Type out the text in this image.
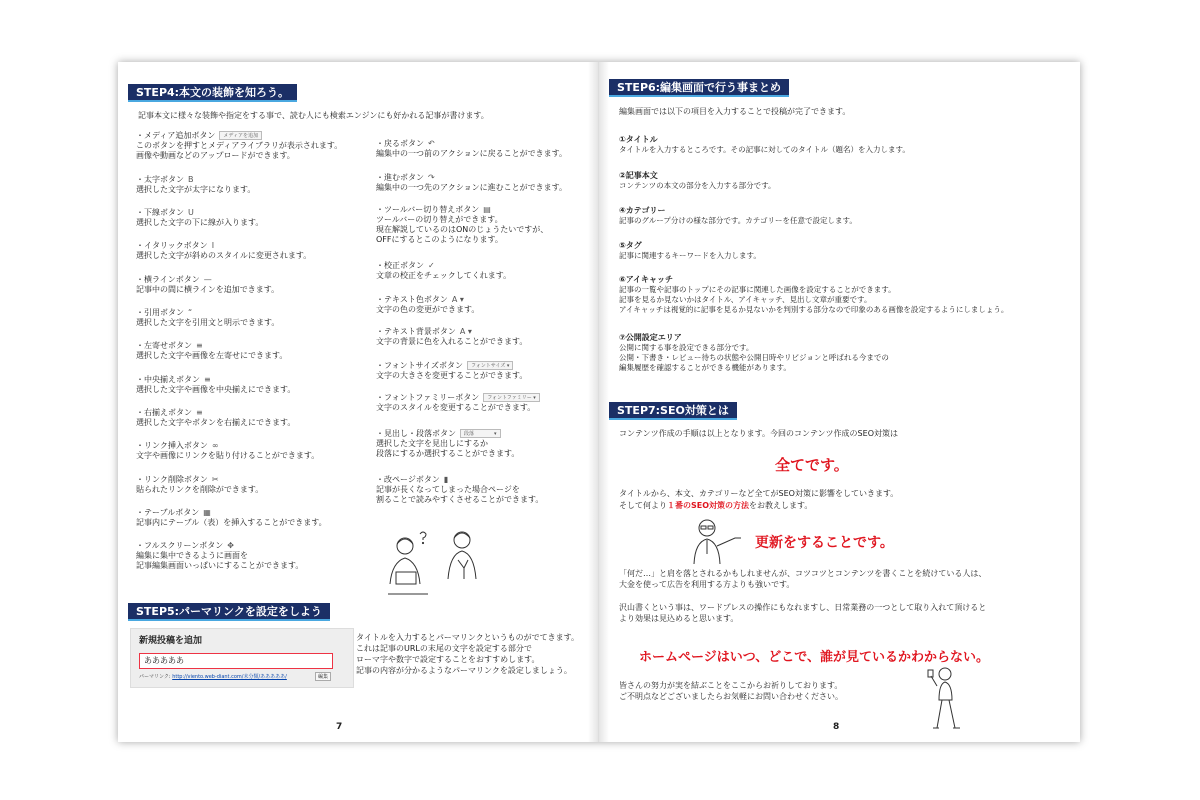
STEP4:本文の装飾を知ろう。
記事本文に様々な装飾や指定をする事で、読む人にも検索エンジンにも好かれる記事が書けます。
・メディア追加ボタン	メディアを追加
このボタンを押すとメディアライブラリが表示されます。
画像や動画などのアップロードができます。
・太字ボタン B
選択した文字が太字になります。
・下線ボタン U
選択した文字の下に線が入ります。
・イタリックボタン I
選択した文字が斜めのスタイルに変更されます。
・横ラインボタン —
記事中の間に横ラインを追加できます。
・引用ボタン “
選択した文字を引用文と明示できます。
・左寄せボタン ≡
選択した文字や画像を左寄せにできます。
・中央揃えボタン ≡
選択した文字や画像を中央揃えにできます。
・右揃えボタン ≡
選択した文字やボタンを右揃えにできます。
・リンク挿入ボタン ∞
文字や画像にリンクを貼り付けることができます。
・リンク削除ボタン ✂
貼られたリンクを削除ができます。
・テーブルボタン ▦
記事内にテーブル（表）を挿入することができます。
・フルスクリーンボタン ✥
編集に集中できるように画面を
記事編集画面いっぱいにすることができます。
・戻るボタン ↶
編集中の一つ前のアクションに戻ることができます。
・進むボタン ↷
編集中の一つ先のアクションに進むことができます。
・ツールバー切り替えボタン ▤
ツールバーの切り替えができます。
現在解説しているのはONのじょうたいですが、
OFFにするとこのようになります。
・校正ボタン ✓
文章の校正をチェックしてくれます。
・テキスト色ボタン A ▾
文字の色の変更ができます。
・テキスト背景ボタン A ▾
文字の背景に色を入れることができます。
・フォントサイズボタン	フォントサイズ ▾
文字の大きさを変更することができます。
・フォントファミリーボタン	フォントファミリー ▾
文字のスタイルを変更することができます。
・見出し・段落ボタン	段落　　　　▾
選択した文字を見出しにするか
段落にするか選択することができます。
・改ページボタン ▮
記事が長くなってしまった場合ページを
割ることで読みやすくさせることができます。
STEP5:パーマリンクを設定をしよう
新規投稿を追加
あああああ
パーマリンク: http://viento.web-diant.com/未分類/あああああ/	編集
タイトルを入力するとパーマリンクというものがでてきます。
これは記事のURLの末尾の文字を設定する部分で
ローマ字や数字で設定することをおすすめします。
記事の内容が分かるようなパーマリンクを設定しましょう。
7
STEP6:編集画面で行う事まとめ
編集画面では以下の項目を入力することで投稿が完了できます。
①タイトル
タイトルを入力するところです。その記事に対してのタイトル（題名）を入力します。
②記事本文
コンテンツの本文の部分を入力する部分です。
④カテゴリー
記事のグループ分けの様な部分です。カテゴリーを任意で設定します。
⑤タグ
記事に関連するキーワードを入力します。
⑥アイキャッチ
記事の一覧や記事のトップにその記事に関連した画像を設定することができます。
記事を見るか見ないかはタイトル、アイキャッチ、見出し文章が重要です。
アイキャッチは視覚的に記事を見るか見ないかを判別する部分なので印象のある画像を設定するようにしましょう。
⑦公開設定エリア
公開に関する事を設定できる部分です。
公開・下書き・レビュー待ちの状態や公開日時やリビジョンと呼ばれる今までの
編集履歴を確認することができる機能があります。
STEP7:SEO対策とは
コンテンツ作成の手順は以上となります。今回のコンテンツ作成のSEO対策は
全てです。
タイトルから、本文、カテゴリーなど全てがSEO対策に影響をしていきます。
そして何より１番のSEO対策の方法をお教えします。
更新をすることです。
「何だ…」と肩を落とされるかもしれませんが、コツコツとコンテンツを書くことを続けている人は、
大金を使って広告を利用する方よりも強いです。
沢山書くという事は、ワードプレスの操作にもなれますし、日常業務の一つとして取り入れて頂けると
より効果は見込めると思います。
ホームページはいつ、どこで、誰が見ているかわからない。
皆さんの努力が実を結ぶことをここからお祈りしております。
ご不明点などございましたらお気軽にお問い合わせください。
8
